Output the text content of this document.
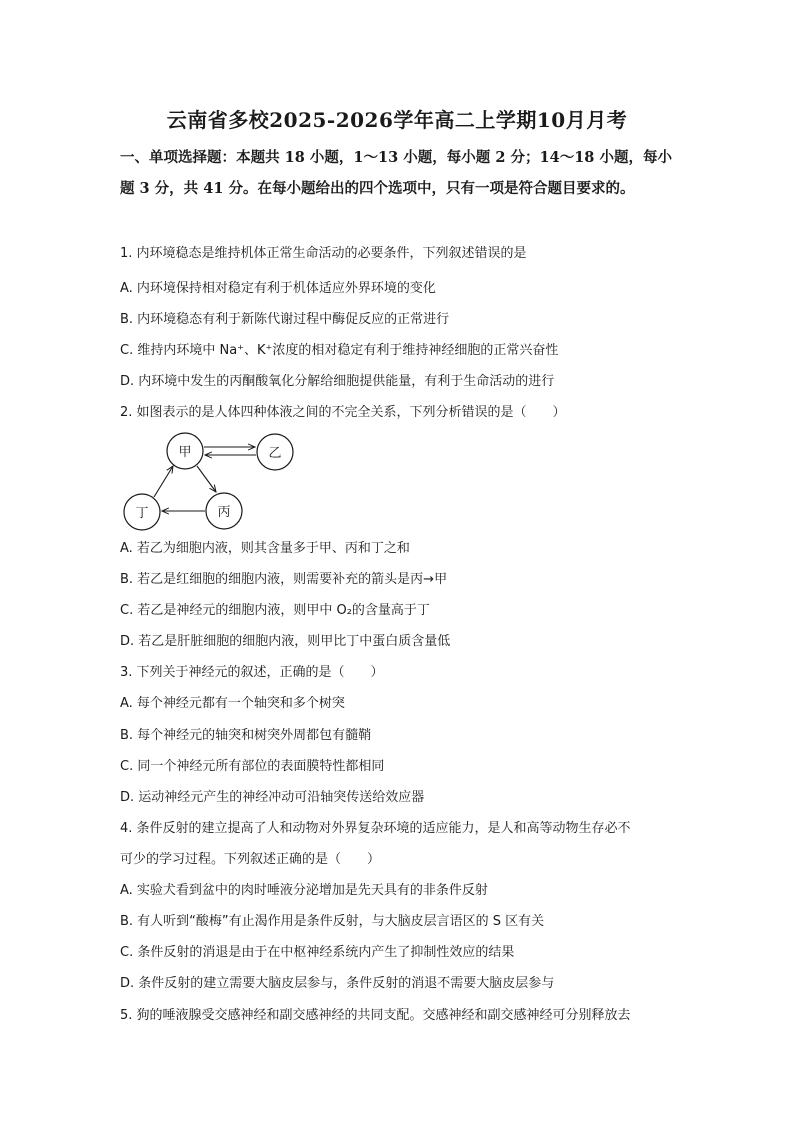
云南省多校2025-2026学年高二上学期10月月考
一、单项选择题：本题共 18 小题，1～13 小题，每小题 2 分；14～18 小题，每小题 3 分，共 41 分。在每小题给出的四个选项中，只有一项是符合题目要求的。
1. 内环境稳态是维持机体正常生命活动的必要条件，下列叙述错误的是
A. 内环境保持相对稳定有利于机体适应外界环境的变化
B. 内环境稳态有利于新陈代谢过程中酶促反应的正常进行
C. 维持内环境中 Na⁺、K⁺浓度的相对稳定有利于维持神经细胞的正常兴奋性
D. 内环境中发生的丙酮酸氧化分解给细胞提供能量，有利于生命活动的进行
2. 如图表示的是人体四种体液之间的不完全关系，下列分析错误的是（　　）
甲	乙
丁	丙
A. 若乙为细胞内液，则其含量多于甲、丙和丁之和
B. 若乙是红细胞的细胞内液，则需要补充的箭头是丙→甲
C. 若乙是神经元的细胞内液，则甲中 O₂的含量高于丁
D. 若乙是肝脏细胞的细胞内液，则甲比丁中蛋白质含量低
3. 下列关于神经元的叙述，正确的是（　　）
A. 每个神经元都有一个轴突和多个树突
B. 每个神经元的轴突和树突外周都包有髓鞘
C. 同一个神经元所有部位的表面膜特性都相同
D. 运动神经元产生的神经冲动可沿轴突传送给效应器
4. 条件反射的建立提高了人和动物对外界复杂环境的适应能力，是人和高等动物生存必不
可少的学习过程。下列叙述正确的是（　　）
A. 实验犬看到盆中的肉时唾液分泌增加是先天具有的非条件反射
B. 有人听到“酸梅”有止渴作用是条件反射，与大脑皮层言语区的 S 区有关
C. 条件反射的消退是由于在中枢神经系统内产生了抑制性效应的结果
D. 条件反射的建立需要大脑皮层参与，条件反射的消退不需要大脑皮层参与
5. 狗的唾液腺受交感神经和副交感神经的共同支配。交感神经和副交感神经可分别释放去
